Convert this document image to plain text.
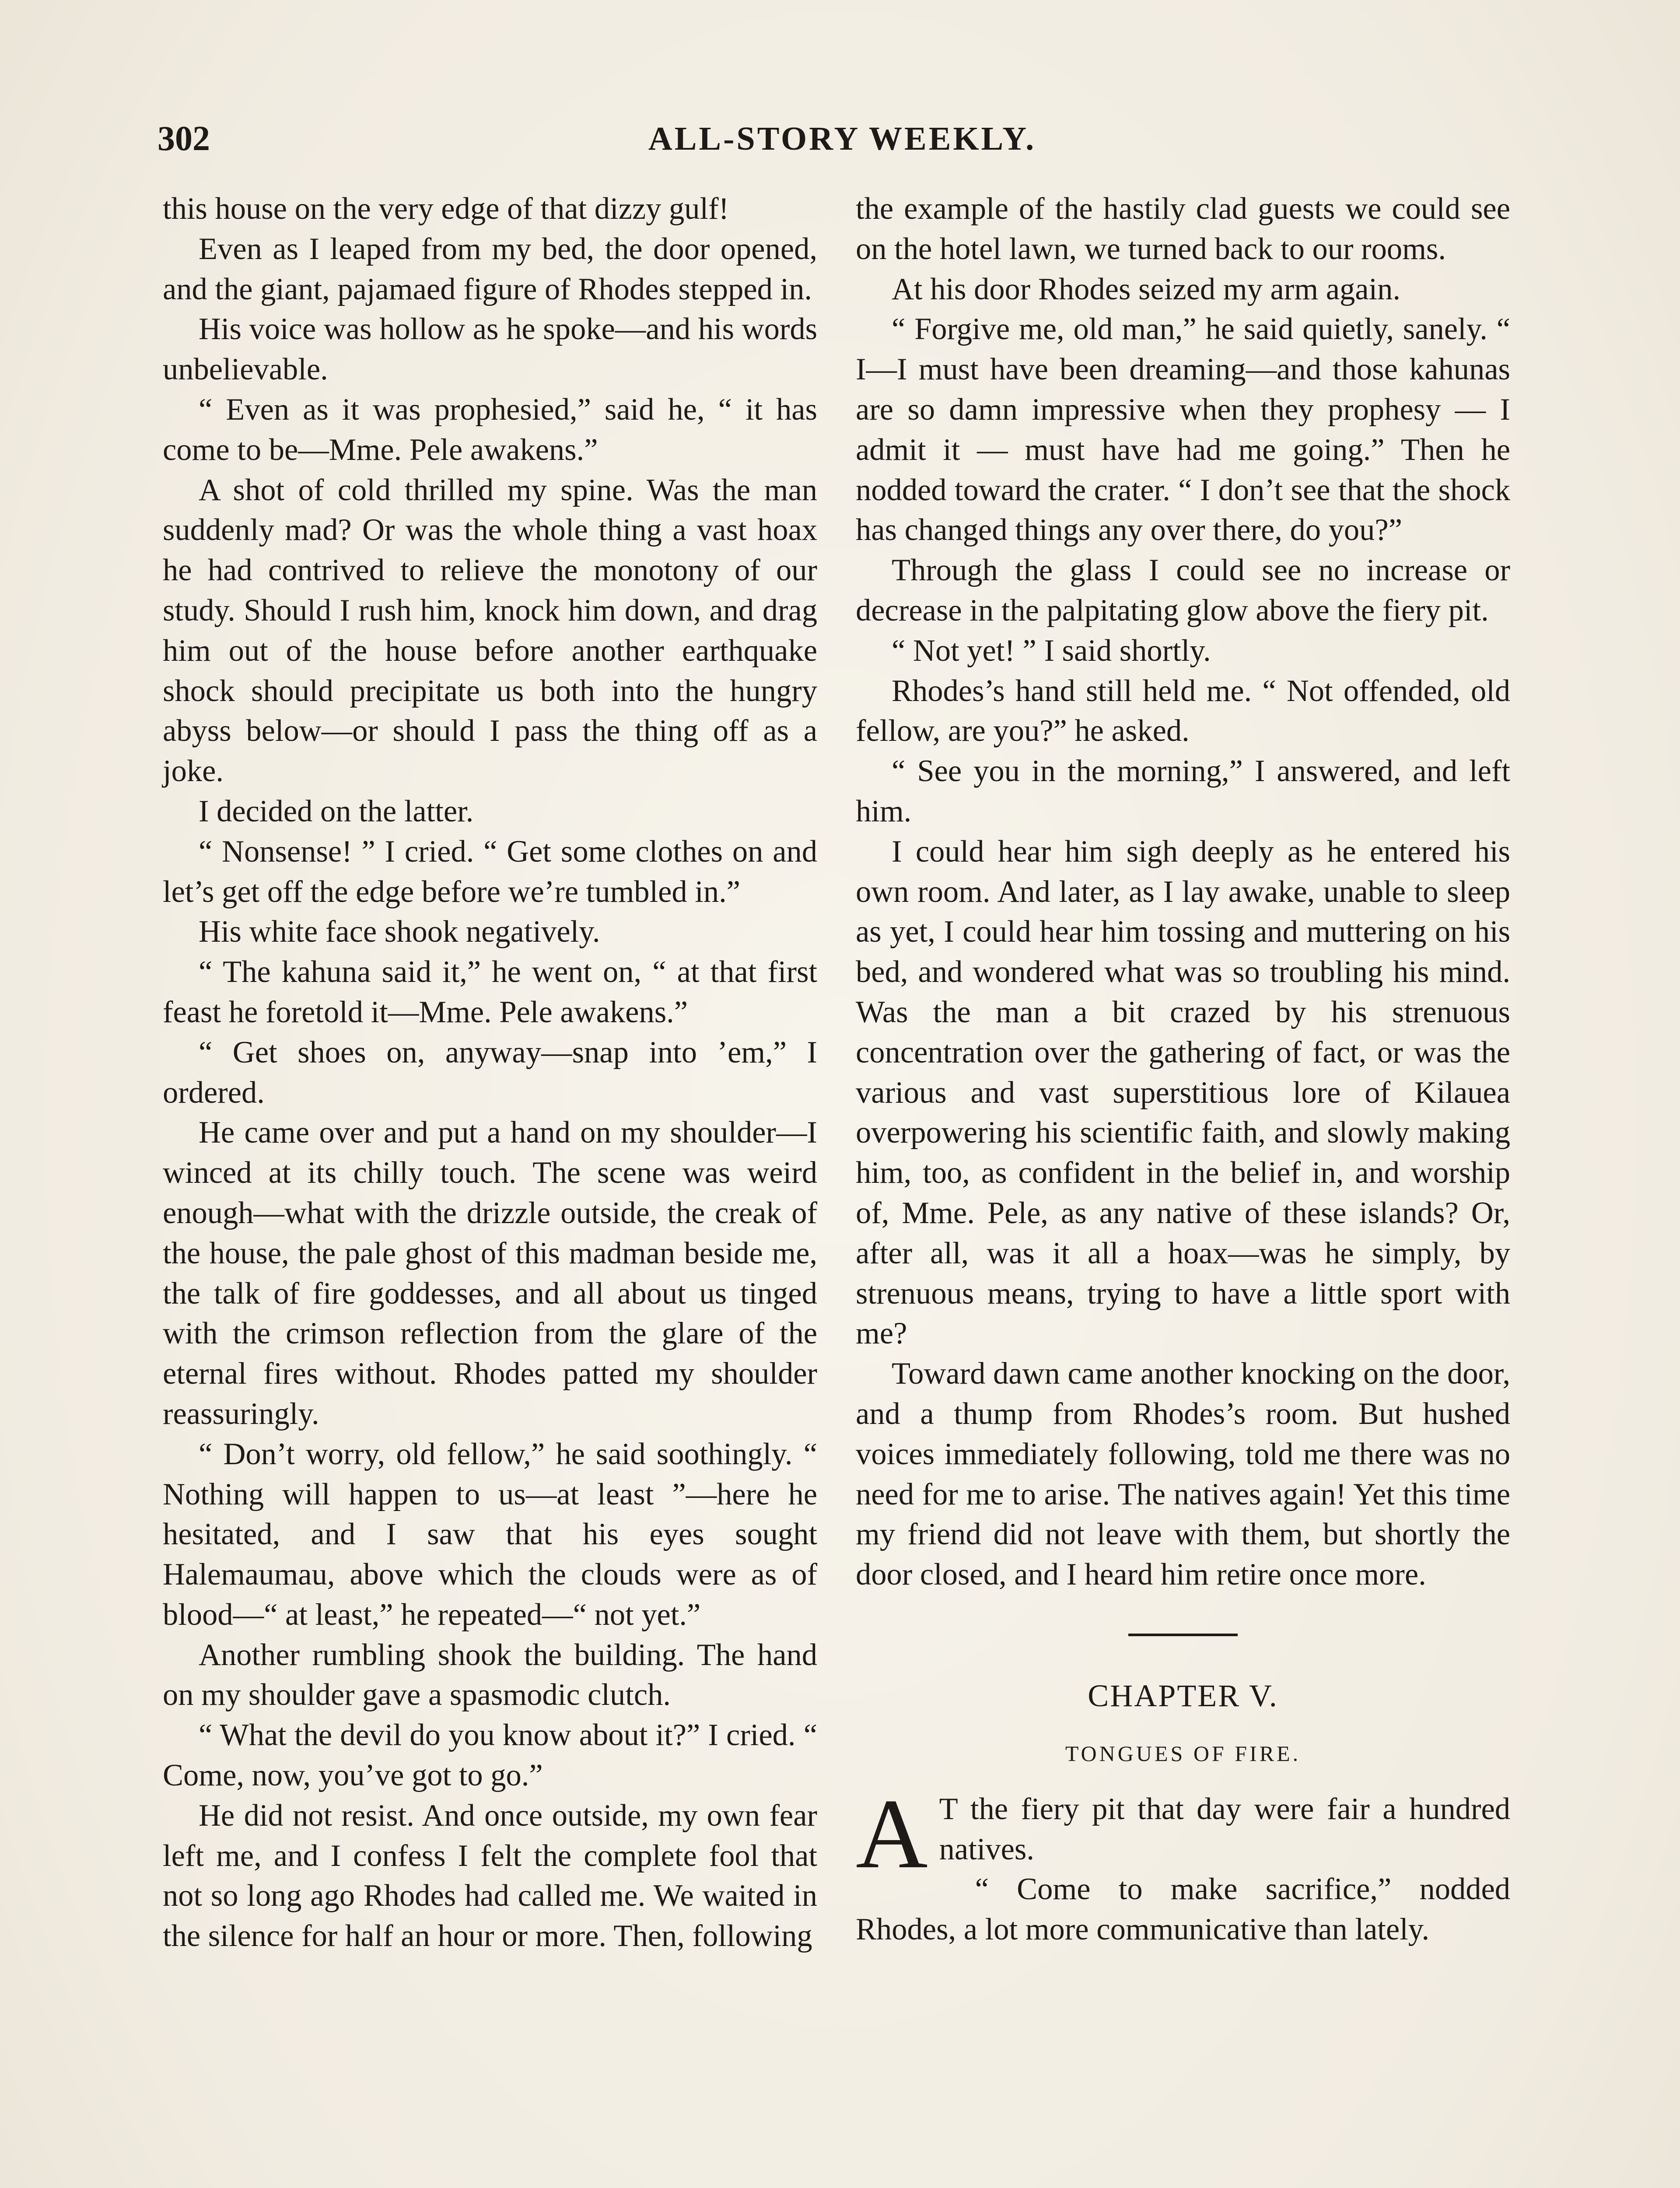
302	ALL-STORY WEEKLY.

this house on the very edge of that dizzy gulf!

Even as I leaped from my bed, the door opened, and the giant, pajamaed figure of Rhodes stepped in.

His voice was hollow as he spoke—and his words unbelievable.

“ Even as it was prophesied,” said he, “ it has come to be—Mme. Pele awakens.”

A shot of cold thrilled my spine. Was the man suddenly mad? Or was the whole thing a vast hoax he had contrived to relieve the monotony of our study. Should I rush him, knock him down, and drag him out of the house before another earthquake shock should precipitate us both into the hungry abyss below—or should I pass the thing off as a joke.

I decided on the latter.

“ Nonsense! ” I cried. “ Get some clothes on and let’s get off the edge before we’re tumbled in.”

His white face shook negatively.

“ The kahuna said it,” he went on, “ at that first feast he foretold it—Mme. Pele awakens.”

“ Get shoes on, anyway—snap into ’em,” I ordered.

He came over and put a hand on my shoulder—I winced at its chilly touch. The scene was weird enough—what with the drizzle outside, the creak of the house, the pale ghost of this madman beside me, the talk of fire goddesses, and all about us tinged with the crimson reflection from the glare of the eternal fires without. Rhodes patted my shoulder reassuringly.

“ Don’t worry, old fellow,” he said soothingly. “ Nothing will happen to us—at least ”—here he hesitated, and I saw that his eyes sought Halemaumau, above which the clouds were as of blood—“ at least,” he repeated—“ not yet.”

Another rumbling shook the building. The hand on my shoulder gave a spasmodic clutch.

“ What the devil do you know about it?” I cried. “ Come, now, you’ve got to go.”

He did not resist. And once outside, my own fear left me, and I confess I felt the complete fool that not so long ago Rhodes had called me. We waited in the silence for half an hour or more. Then, following

the example of the hastily clad guests we could see on the hotel lawn, we turned back to our rooms.

At his door Rhodes seized my arm again.

“ Forgive me, old man,” he said quietly, sanely. “ I—I must have been dreaming—and those kahunas are so damn impressive when they prophesy — I admit it — must have had me going.” Then he nodded toward the crater. “ I don’t see that the shock has changed things any over there, do you?”

Through the glass I could see no increase or decrease in the palpitating glow above the fiery pit.

“ Not yet! ” I said shortly.

Rhodes’s hand still held me. “ Not offended, old fellow, are you?” he asked.

“ See you in the morning,” I answered, and left him.

I could hear him sigh deeply as he entered his own room. And later, as I lay awake, unable to sleep as yet, I could hear him tossing and muttering on his bed, and wondered what was so troubling his mind. Was the man a bit crazed by his strenuous concentration over the gathering of fact, or was the various and vast superstitious lore of Kilauea overpowering his scientific faith, and slowly making him, too, as confident in the belief in, and worship of, Mme. Pele, as any native of these islands? Or, after all, was it all a hoax—was he simply, by strenuous means, trying to have a little sport with me?

Toward dawn came another knocking on the door, and a thump from Rhodes’s room. But hushed voices immediately following, told me there was no need for me to arise. The natives again! Yet this time my friend did not leave with them, but shortly the door closed, and I heard him retire once more.

CHAPTER V.
TONGUES OF FIRE.

A T the fiery pit that day were fair a hundred natives.

“ Come to make sacrifice,” nodded Rhodes, a lot more communicative than lately.
